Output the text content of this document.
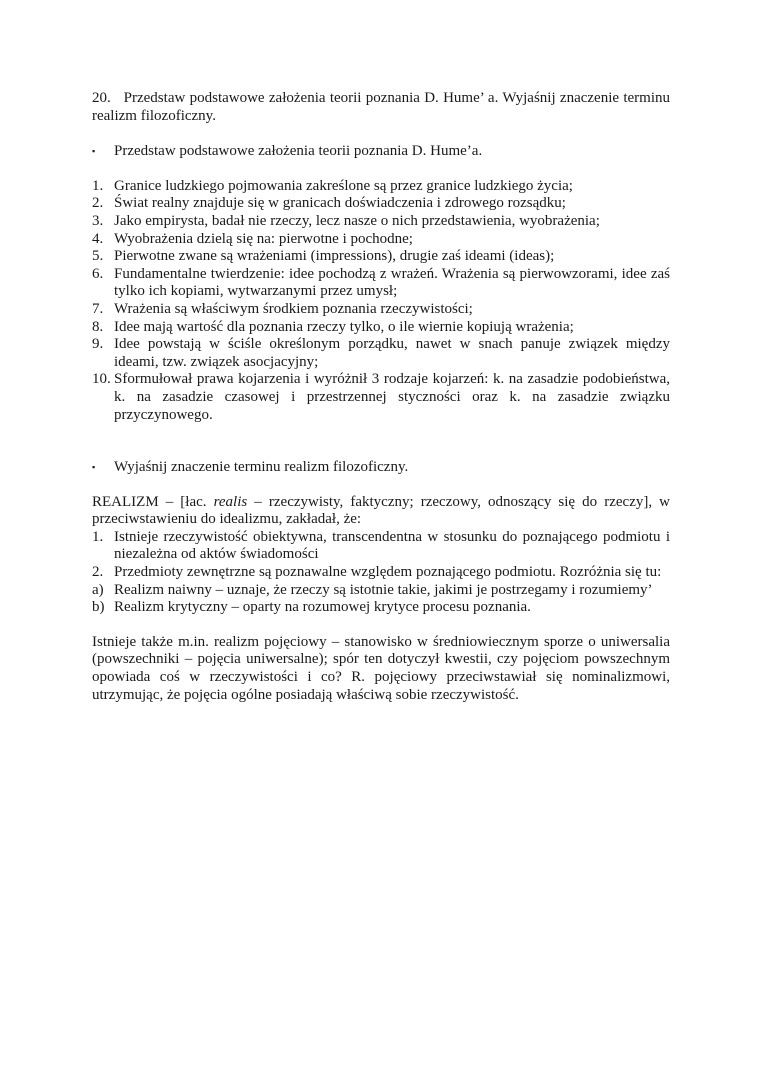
20. Przedstaw podstawowe założenia teorii poznania D. Hume’ a. Wyjaśnij znaczenie terminu realizm filozoficzny.

▪	Przedstaw podstawowe założenia teorii poznania D. Hume’a.
1. Granice ludzkiego pojmowania zakreślone są przez granice ludzkiego życia;
2. Świat realny znajduje się w granicach doświadczenia i zdrowego rozsądku;
3. Jako empirysta, badał nie rzeczy, lecz nasze o nich przedstawienia, wyobrażenia;
4. Wyobrażenia dzielą się na: pierwotne i pochodne;
5. Pierwotne zwane są wrażeniami (impressions), drugie zaś ideami (ideas);
6. Fundamentalne twierdzenie: idee pochodzą z wrażeń. Wrażenia są pierwowzorami, idee zaś tylko ich kopiami, wytwarzanymi przez umysł;
7. Wrażenia są właściwym środkiem poznania rzeczywistości;
8. Idee mają wartość dla poznania rzeczy tylko, o ile wiernie kopiują wrażenia;
9. Idee powstają w ściśle określonym porządku, nawet w snach panuje związek między ideami, tzw. związek asocjacyjny;
10. Sformułował prawa kojarzenia i wyróżnił 3 rodzaje kojarzeń: k. na zasadzie podobieństwa, k. na zasadzie czasowej i przestrzennej styczności oraz k. na zasadzie związku przyczynowego.
▪	Wyjaśnij znaczenie terminu realizm filozoficzny.

REALIZM – [łac. realis – rzeczywisty, faktyczny; rzeczowy, odnoszący się do rzeczy], w przeciwstawieniu do idealizmu, zakładał, że:

1. Istnieje rzeczywistość obiektywna, transcendentna w stosunku do poznającego podmiotu i niezależna od aktów świadomości
2. Przedmioty zewnętrzne są poznawalne względem poznającego podmiotu. Rozróżnia się tu:
a) Realizm naiwny – uznaje, że rzeczy są istotnie takie, jakimi je postrzegamy i rozumiemy’
b) Realizm krytyczny – oparty na rozumowej krytyce procesu poznania.

Istnieje także m.in. realizm pojęciowy – stanowisko w średniowiecznym sporze o uniwersalia (powszechniki – pojęcia uniwersalne); spór ten dotyczył kwestii, czy pojęciom powszechnym opowiada coś w rzeczywistości i co? R. pojęciowy przeciwstawiał się nominalizmowi, utrzymując, że pojęcia ogólne posiadają właściwą sobie rzeczywistość.
